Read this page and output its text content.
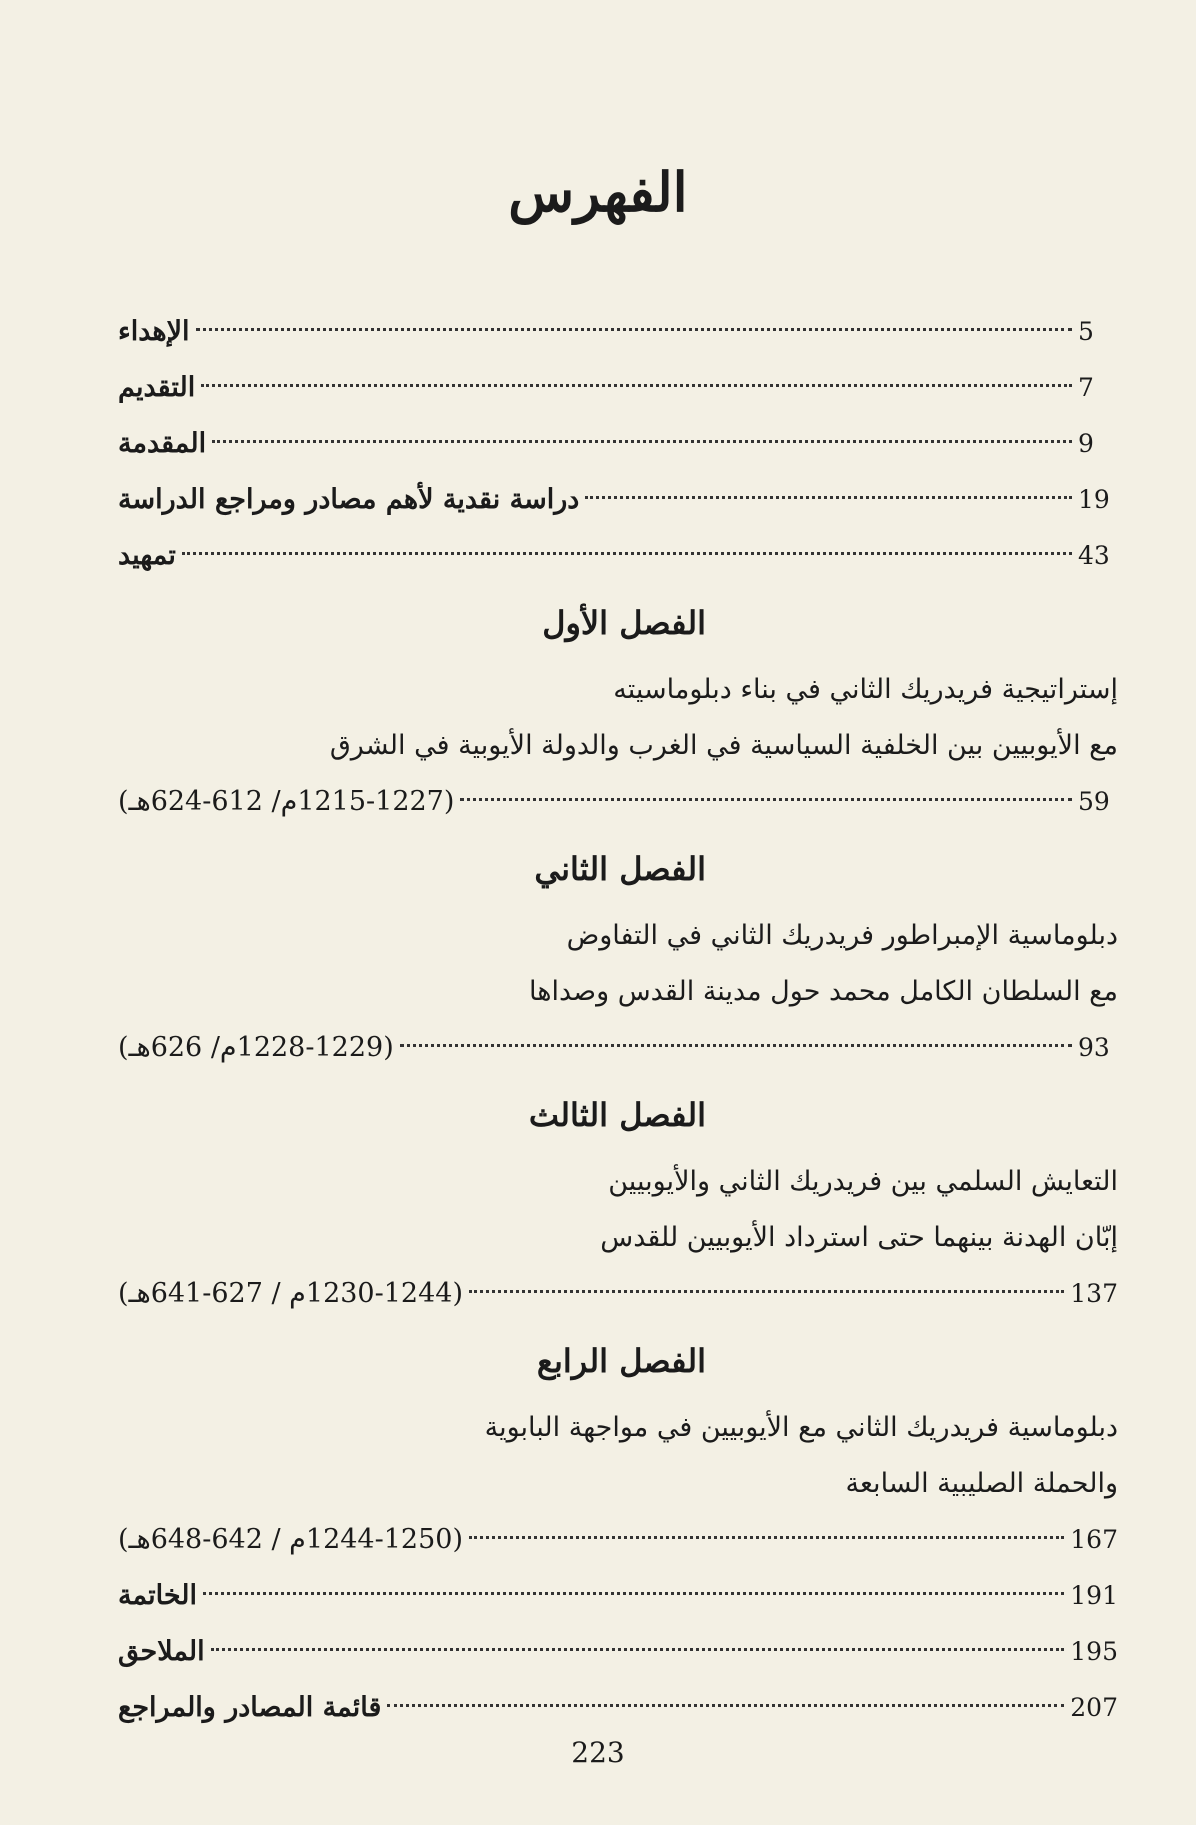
الفهرس
الإهداء	5
التقديم	7
المقدمة	9
دراسة نقدية لأهم مصادر ومراجع الدراسة	19
تمهيد	43
الفصل الأول
إستراتيجية فريدريك الثاني في بناء دبلوماسيته
مع الأيوبيين بين الخلفية السياسية في الغرب والدولة الأيوبية في الشرق
(1215-1227م/ 612-624هـ)	59
الفصل الثاني
دبلوماسية الإمبراطور فريدريك الثاني في التفاوض
مع السلطان الكامل محمد حول مدينة القدس وصداها
(1228-1229م/ 626هـ)	93
الفصل الثالث
التعايش السلمي بين فريدريك الثاني والأيوبيين
إبّان الهدنة بينهما حتى استرداد الأيوبيين للقدس
(1230-1244م / 627-641هـ)	137
الفصل الرابع
دبلوماسية فريدريك الثاني مع الأيوبيين في مواجهة البابوية
والحملة الصليبية السابعة
(1244-1250م / 642-648هـ)	167
الخاتمة	191
الملاحق	195
قائمة المصادر والمراجع	207
223
